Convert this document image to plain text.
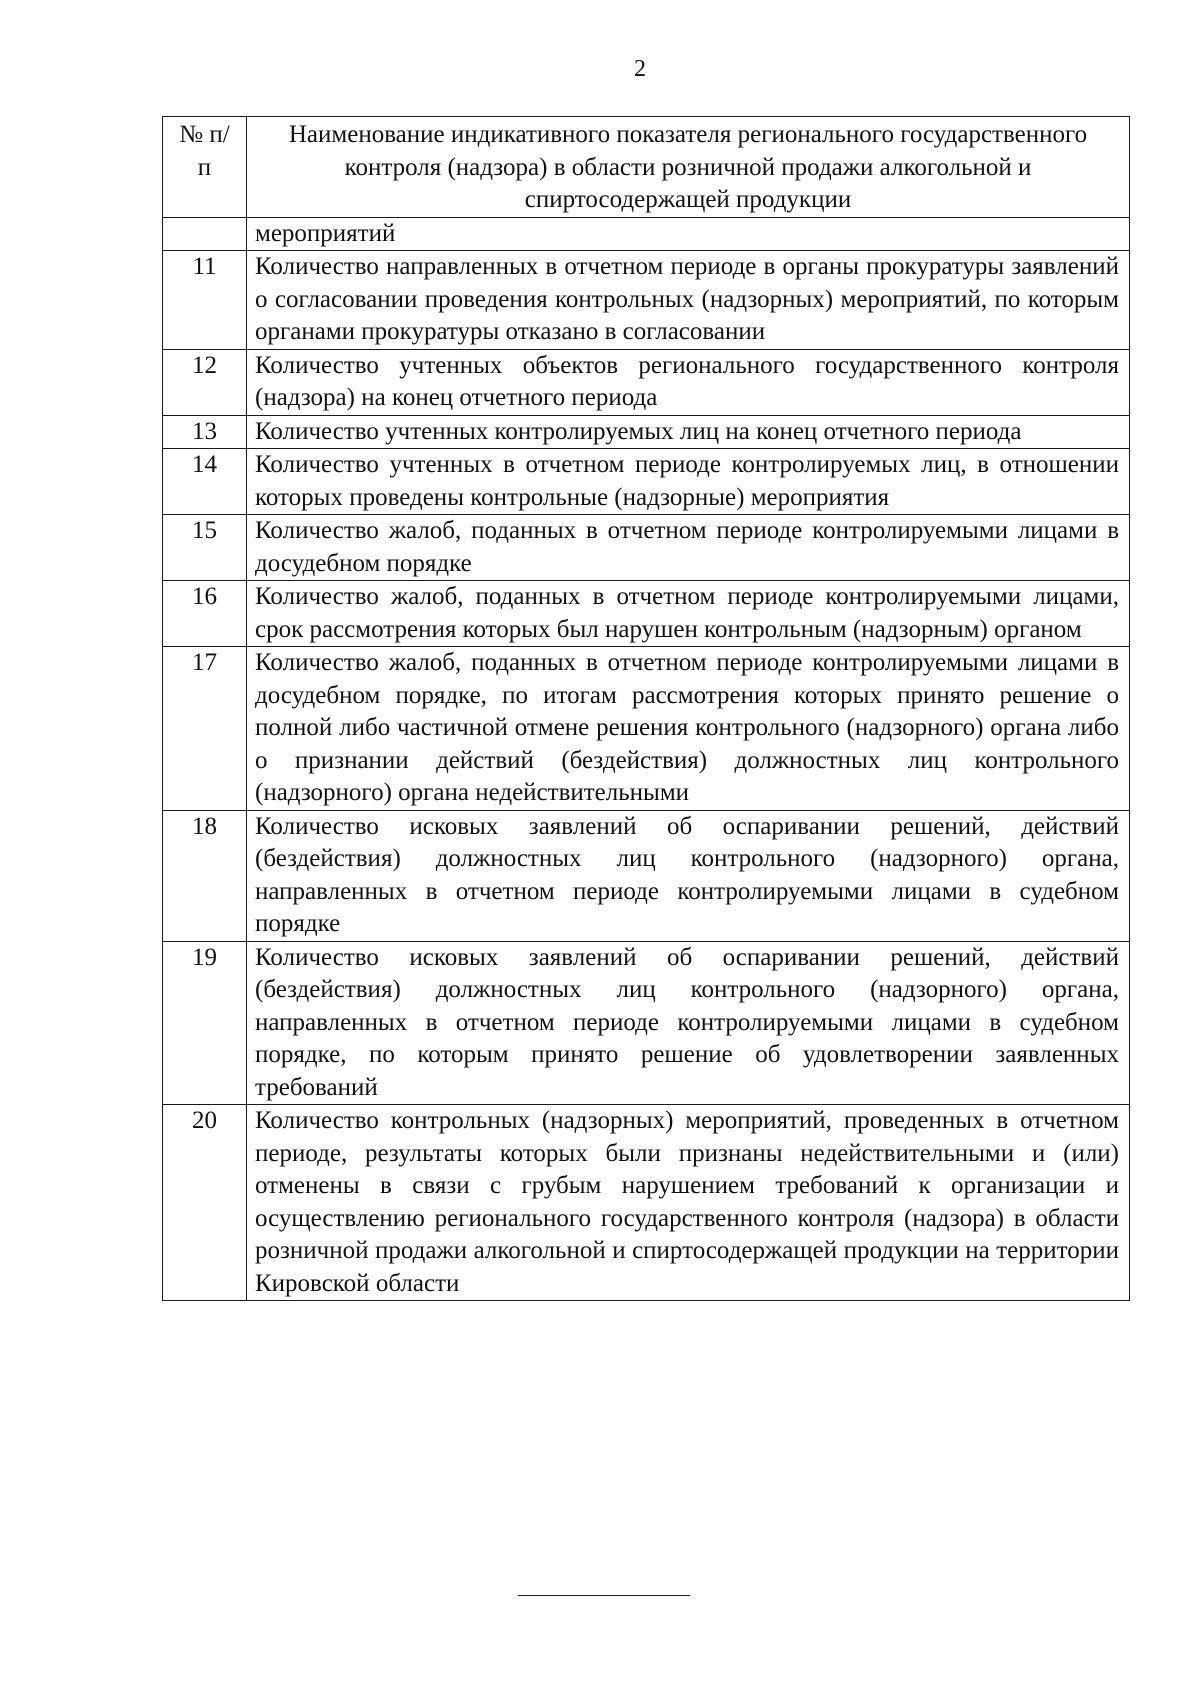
2
№ п/п	Наименование индикативного показателя регионального государственного контроля (надзора) в области розничной продажи алкогольной и спиртосодержащей продукции
	мероприятий
11	Количество направленных в отчетном периоде в органы прокуратуры заявлений о согласовании проведения контрольных (надзорных) мероприятий, по которым органами прокуратуры отказано в согласовании
12	Количество учтенных объектов регионального государственного контроля (надзора) на конец отчетного периода
13	Количество учтенных контролируемых лиц на конец отчетного периода
14	Количество учтенных в отчетном периоде контролируемых лиц, в отношении которых проведены контрольные (надзорные) мероприятия
15	Количество жалоб, поданных в отчетном периоде контролируемыми лицами в досудебном порядке
16	Количество жалоб, поданных в отчетном периоде контролируемыми лицами, срок рассмотрения которых был нарушен контрольным (надзорным) органом
17	Количество жалоб, поданных в отчетном периоде контролируемыми лицами в досудебном порядке, по итогам рассмотрения которых принято решение о полной либо частичной отмене решения контрольного (надзорного) органа либо о признании действий (бездействия) должностных лиц контрольного (надзорного) органа недействительными
18	Количество исковых заявлений об оспаривании решений, действий (бездействия) должностных лиц контрольного (надзорного) органа, направленных в отчетном периоде контролируемыми лицами в судебном порядке
19	Количество исковых заявлений об оспаривании решений, действий (бездействия) должностных лиц контрольного (надзорного) органа, направленных в отчетном периоде контролируемыми лицами в судебном порядке, по которым принято решение об удовлетворении заявленных требований
20	Количество контрольных (надзорных) мероприятий, проведенных в отчетном периоде, результаты которых были признаны недействительными и (или) отменены в связи с грубым нарушением требований к организации и осуществлению регионального государственного контроля (надзора) в области розничной продажи алкогольной и спиртосодержащей продукции на территории Кировской области
